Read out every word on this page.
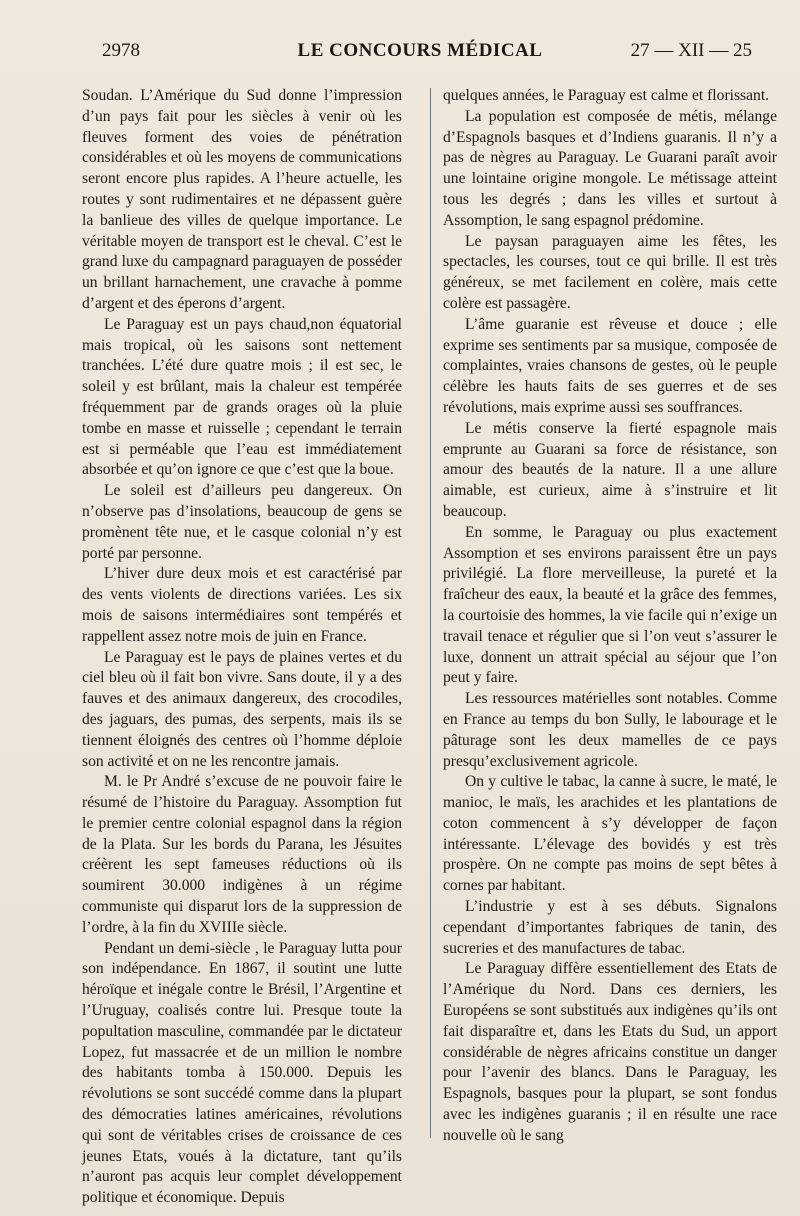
2978	LE CONCOURS MÉDICAL	27 — XII — 25

Soudan. L’Amérique du Sud donne l’impression d’un pays fait pour les siècles à venir où les fleuves forment des voies de pénétration considérables et où les moyens de communications seront encore plus rapides. A l’heure actuelle, les routes y sont rudimentaires et ne dépassent guère la banlieue des villes de quelque importance. Le véritable moyen de transport est le cheval. C’est le grand luxe du campagnard paraguayen de posséder un brillant harnachement, une cravache à pomme d’argent et des éperons d’argent.

Le Paraguay est un pays chaud,non équatorial mais tropical, où les saisons sont nettement tranchées. L’été dure quatre mois ; il est sec, le soleil y est brûlant, mais la chaleur est tempérée fréquemment par de grands orages où la pluie tombe en masse et ruisselle ; cependant le terrain est si perméable que l’eau est immédiatement absorbée et qu’on ignore ce que c’est que la boue.

Le soleil est d’ailleurs peu dangereux. On n’observe pas d’insolations, beaucoup de gens se promènent tête nue, et le casque colonial n’y est porté par personne.

L’hiver dure deux mois et est caractérisé par des vents violents de directions variées. Les six mois de saisons intermédiaires sont tempérés et rappellent assez notre mois de juin en France.

Le Paraguay est le pays de plaines vertes et du ciel bleu où il fait bon vivre. Sans doute, il y a des fauves et des animaux dangereux, des crocodiles, des jaguars, des pumas, des serpents, mais ils se tiennent éloignés des centres où l’homme déploie son activité et on ne les rencontre jamais.

M. le Pr André s’excuse de ne pouvoir faire le résumé de l’histoire du Paraguay. Assomption fut le premier centre colonial espagnol dans la région de la Plata. Sur les bords du Parana, les Jésuites créèrent les sept fameuses réductions où ils soumirent 30.000 indigènes à un régime communiste qui disparut lors de la suppression de l’ordre, à la fin du XVIIIe siècle.

Pendant un demi-siècle , le Paraguay lutta pour son indépendance. En 1867, il soutint une lutte héroïque et inégale contre le Brésil, l’Argentine et l’Uruguay, coalisés contre lui. Presque toute la popultation masculine, commandée par le dictateur Lopez, fut massacrée et de un million le nombre des habitants tomba à 150.000. Depuis les révolutions se sont succédé comme dans la plupart des démocraties latines américaines, révolutions qui sont de véritables crises de croissance de ces jeunes Etats, voués à la dictature, tant qu’ils n’auront pas acquis leur complet développement politique et économique. Depuis

quelques années, le Paraguay est calme et florissant.

La population est composée de métis, mélange d’Espagnols basques et d’Indiens guaranis. Il n’y a pas de nègres au Paraguay. Le Guarani paraît avoir une lointaine origine mongole. Le métissage atteint tous les degrés ; dans les villes et surtout à Assomption, le sang espagnol prédomine.

Le paysan paraguayen aime les fêtes, les spectacles, les courses, tout ce qui brille. Il est très généreux, se met facilement en colère, mais cette colère est passagère.

L’âme guaranie est rêveuse et douce ; elle exprime ses sentiments par sa musique, composée de complaintes, vraies chansons de gestes, où le peuple célèbre les hauts faits de ses guerres et de ses révolutions, mais exprime aussi ses souffrances.

Le métis conserve la fierté espagnole mais emprunte au Guarani sa force de résistance, son amour des beautés de la nature. Il a une allure aimable, est curieux, aime à s’instruire et lit beaucoup.

En somme, le Paraguay ou plus exactement Assomption et ses environs paraissent être un pays privilégié. La flore merveilleuse, la pureté et la fraîcheur des eaux, la beauté et la grâce des femmes, la courtoisie des hommes, la vie facile qui n’exige un travail tenace et régulier que si l’on veut s’assurer le luxe, donnent un attrait spécial au séjour que l’on peut y faire.

Les ressources matérielles sont notables. Comme en France au temps du bon Sully, le labourage et le pâturage sont les deux mamelles de ce pays presqu’exclusivement agricole.

On y cultive le tabac, la canne à sucre, le maté, le manioc, le maïs, les arachides et les plantations de coton commencent à s’y développer de façon intéressante. L’élevage des bovidés y est très prospère. On ne compte pas moins de sept bêtes à cornes par habitant.

L’industrie y est à ses débuts. Signalons cependant d’importantes fabriques de tanin, des sucreries et des manufactures de tabac.

Le Paraguay diffère essentiellement des Etats de l’Amérique du Nord. Dans ces derniers, les Européens se sont substitués aux indigènes qu’ils ont fait disparaître et, dans les Etats du Sud, un apport considérable de nègres africains constitue un danger pour l’avenir des blancs. Dans le Paraguay, les Espagnols, basques pour la plupart, se sont fondus avec les indigènes guaranis ; il en résulte une race nouvelle où le sang
